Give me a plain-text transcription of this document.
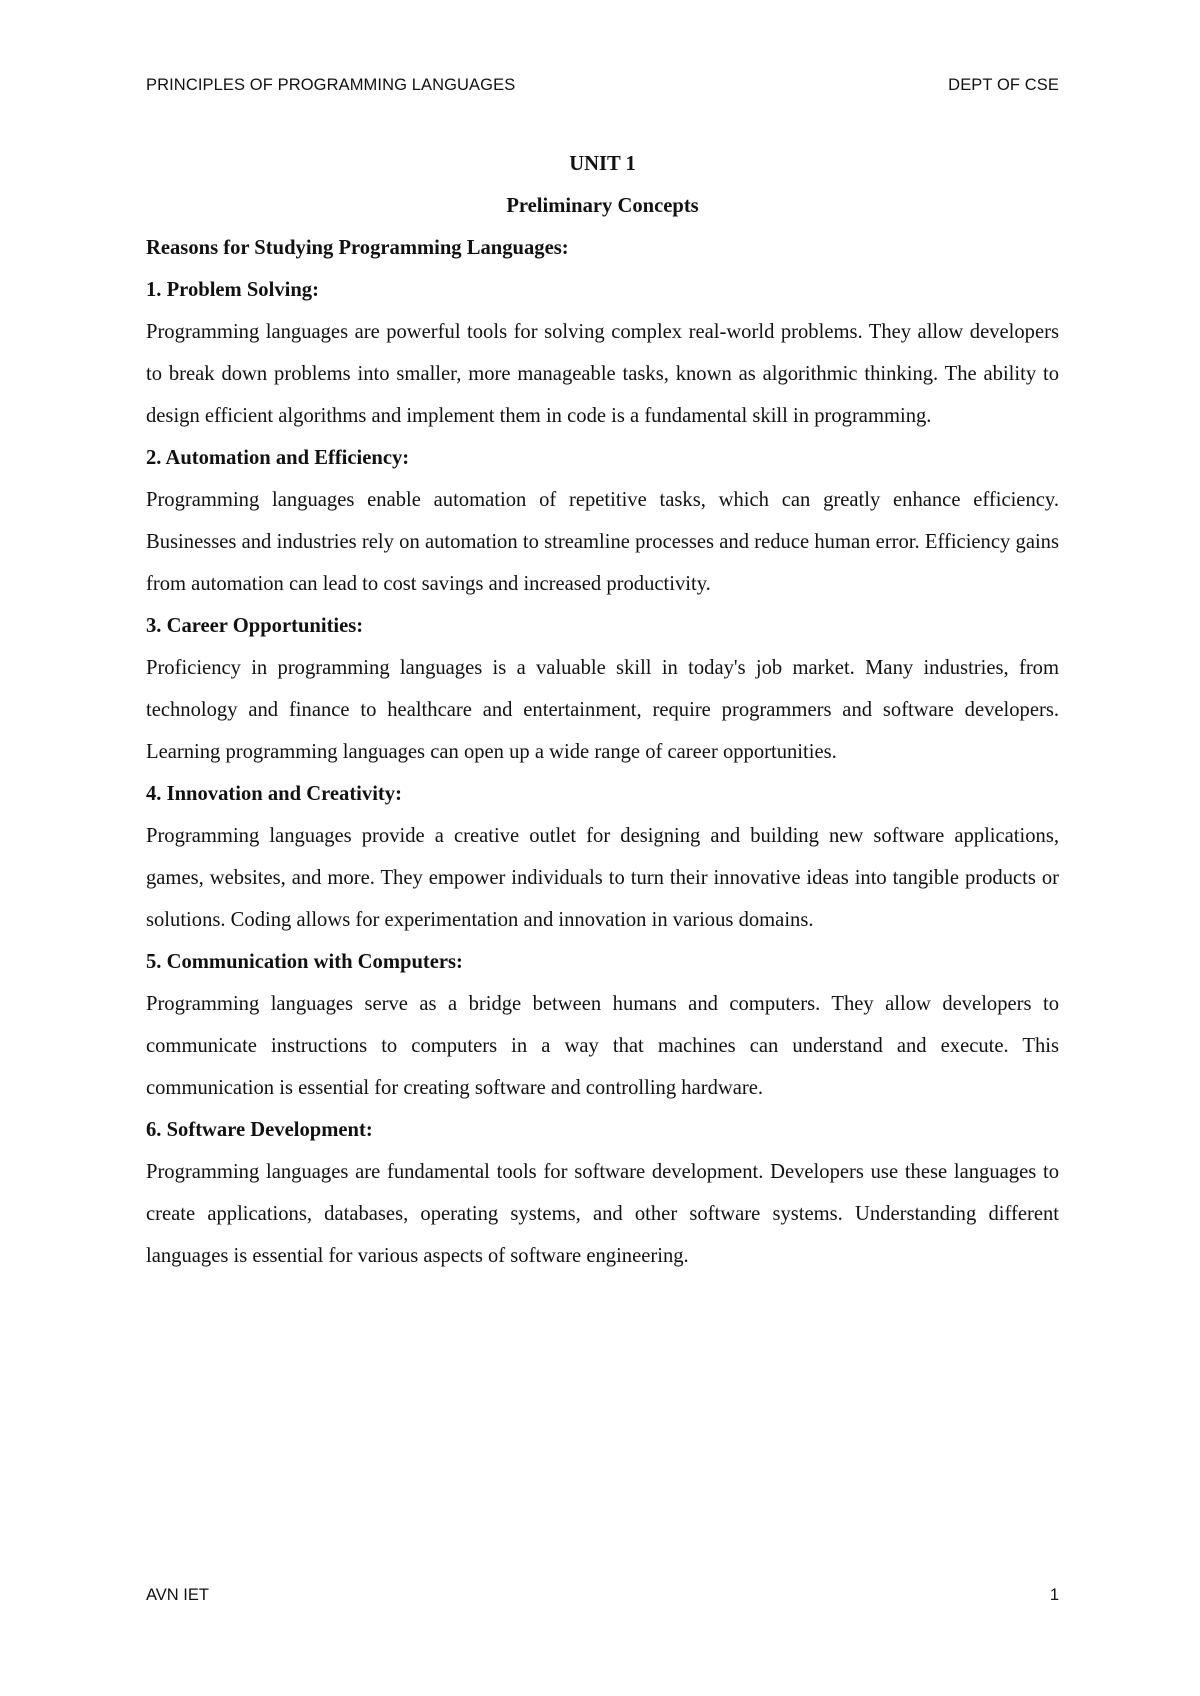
PRINCIPLES OF PROGRAMMING LANGUAGES	DEPT OF CSE

UNIT 1

Preliminary Concepts

Reasons for Studying Programming Languages:

1. Problem Solving:

Programming languages are powerful tools for solving complex real-world problems. They allow developers to break down problems into smaller, more manageable tasks, known as algorithmic thinking. The ability to design efficient algorithms and implement them in code is a fundamental skill in programming.

2. Automation and Efficiency:

Programming languages enable automation of repetitive tasks, which can greatly enhance efficiency. Businesses and industries rely on automation to streamline processes and reduce human error. Efficiency gains from automation can lead to cost savings and increased productivity.

3. Career Opportunities:

Proficiency in programming languages is a valuable skill in today's job market. Many industries, from technology and finance to healthcare and entertainment, require programmers and software developers. Learning programming languages can open up a wide range of career opportunities.

4. Innovation and Creativity:

Programming languages provide a creative outlet for designing and building new software applications, games, websites, and more. They empower individuals to turn their innovative ideas into tangible products or solutions. Coding allows for experimentation and innovation in various domains.

5. Communication with Computers:

Programming languages serve as a bridge between humans and computers. They allow developers to communicate instructions to computers in a way that machines can understand and execute. This communication is essential for creating software and controlling hardware.

6. Software Development:

Programming languages are fundamental tools for software development. Developers use these languages to create applications, databases, operating systems, and other software systems. Understanding different languages is essential for various aspects of software engineering.

AVN IET	1
